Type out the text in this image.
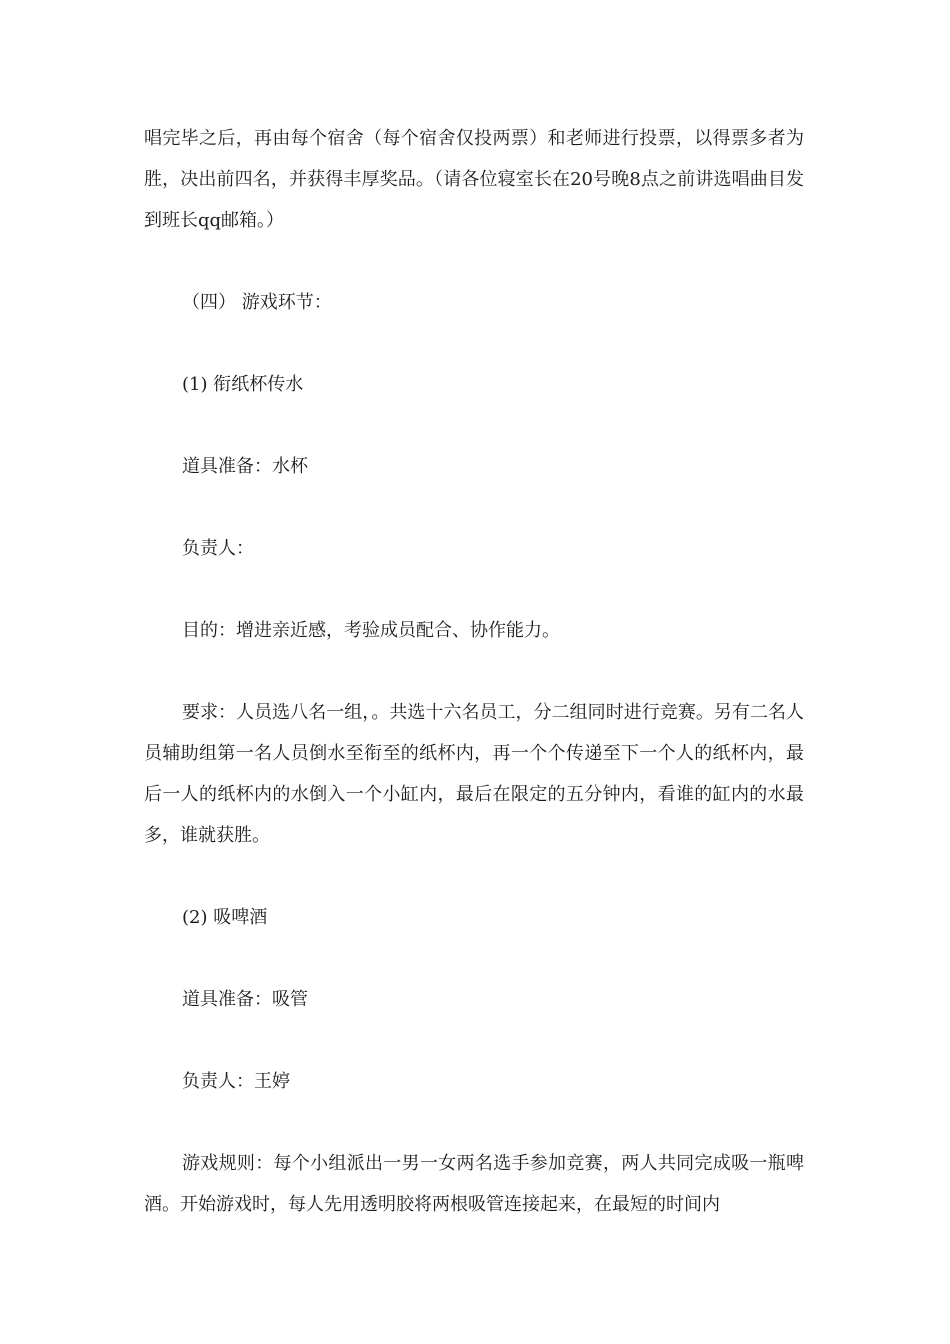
唱完毕之后，再由每个宿舍（每个宿舍仅投两票）和老师进行投票，以得票多者为胜，决出前四名，并获得丰厚奖品。（请各位寝室长在20号晚8点之前讲选唱曲目发到班长qq邮箱。）

（四） 游戏环节：

(1) 衔纸杯传水

道具准备：水杯

负责人：

目的：增进亲近感，考验成员配合、协作能力。

要求：人员选八名一组，。共选十六名员工，分二组同时进行竞赛。另有二名人员辅助组第一名人员倒水至衔至的纸杯内，再一个个传递至下一个人的纸杯内，最后一人的纸杯内的水倒入一个小缸内，最后在限定的五分钟内，看谁的缸内的水最多，谁就获胜。

(2) 吸啤酒

道具准备：吸管

负责人：王婷

游戏规则：每个小组派出一男一女两名选手参加竞赛，两人共同完成吸一瓶啤酒。开始游戏时，每人先用透明胶将两根吸管连接起来，在最短的时间内
